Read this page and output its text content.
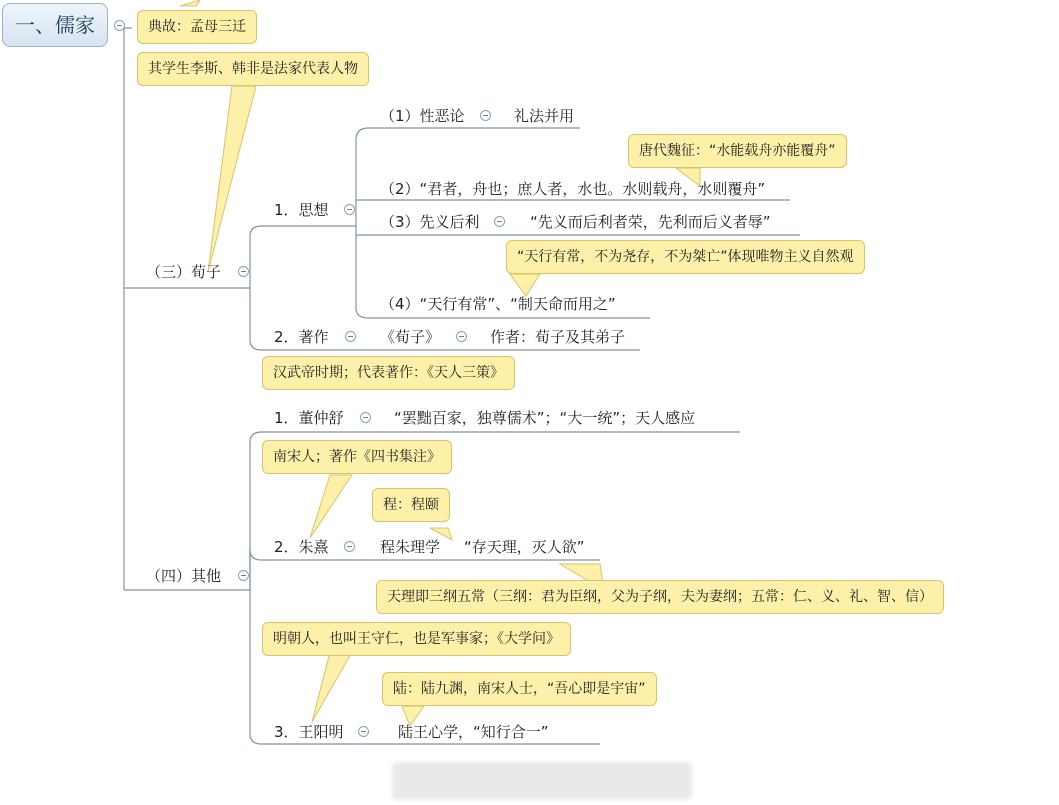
一、儒家	典故：孟母三迁
其学生李斯、韩非是法家代表人物
唐代魏征：“水能载舟亦能覆舟”
“天行有常，不为尧存，不为桀亡”体现唯物主义自然观
汉武帝时期；代表著作：《天人三策》
南宋人；著作《四书集注》
程：程颐
天理即三纲五常（三纲：君为臣纲，父为子纲，夫为妻纲；五常：仁、义、礼、智、信）
明朝人，也叫王守仁，也是军事家；《大学问》
陆：陆九渊，南宋人士，“吾心即是宇宙”
（三）荀子
1．思想
（1）性恶论	礼法并用
（2）“君者，舟也；庶人者，水也。水则载舟，水则覆舟”
（3）先义后利	“先义而后利者荣，先利而后义者辱”
（4）“天行有常”、“制天命而用之”
2．著作	《荀子》	作者：荀子及其弟子
（四）其他
1．董仲舒	“罢黜百家，独尊儒术”；“大一统”；天人感应
2．朱熹	程朱理学 “存天理，灭人欲”
3．王阳明	陆王心学，“知行合一”
